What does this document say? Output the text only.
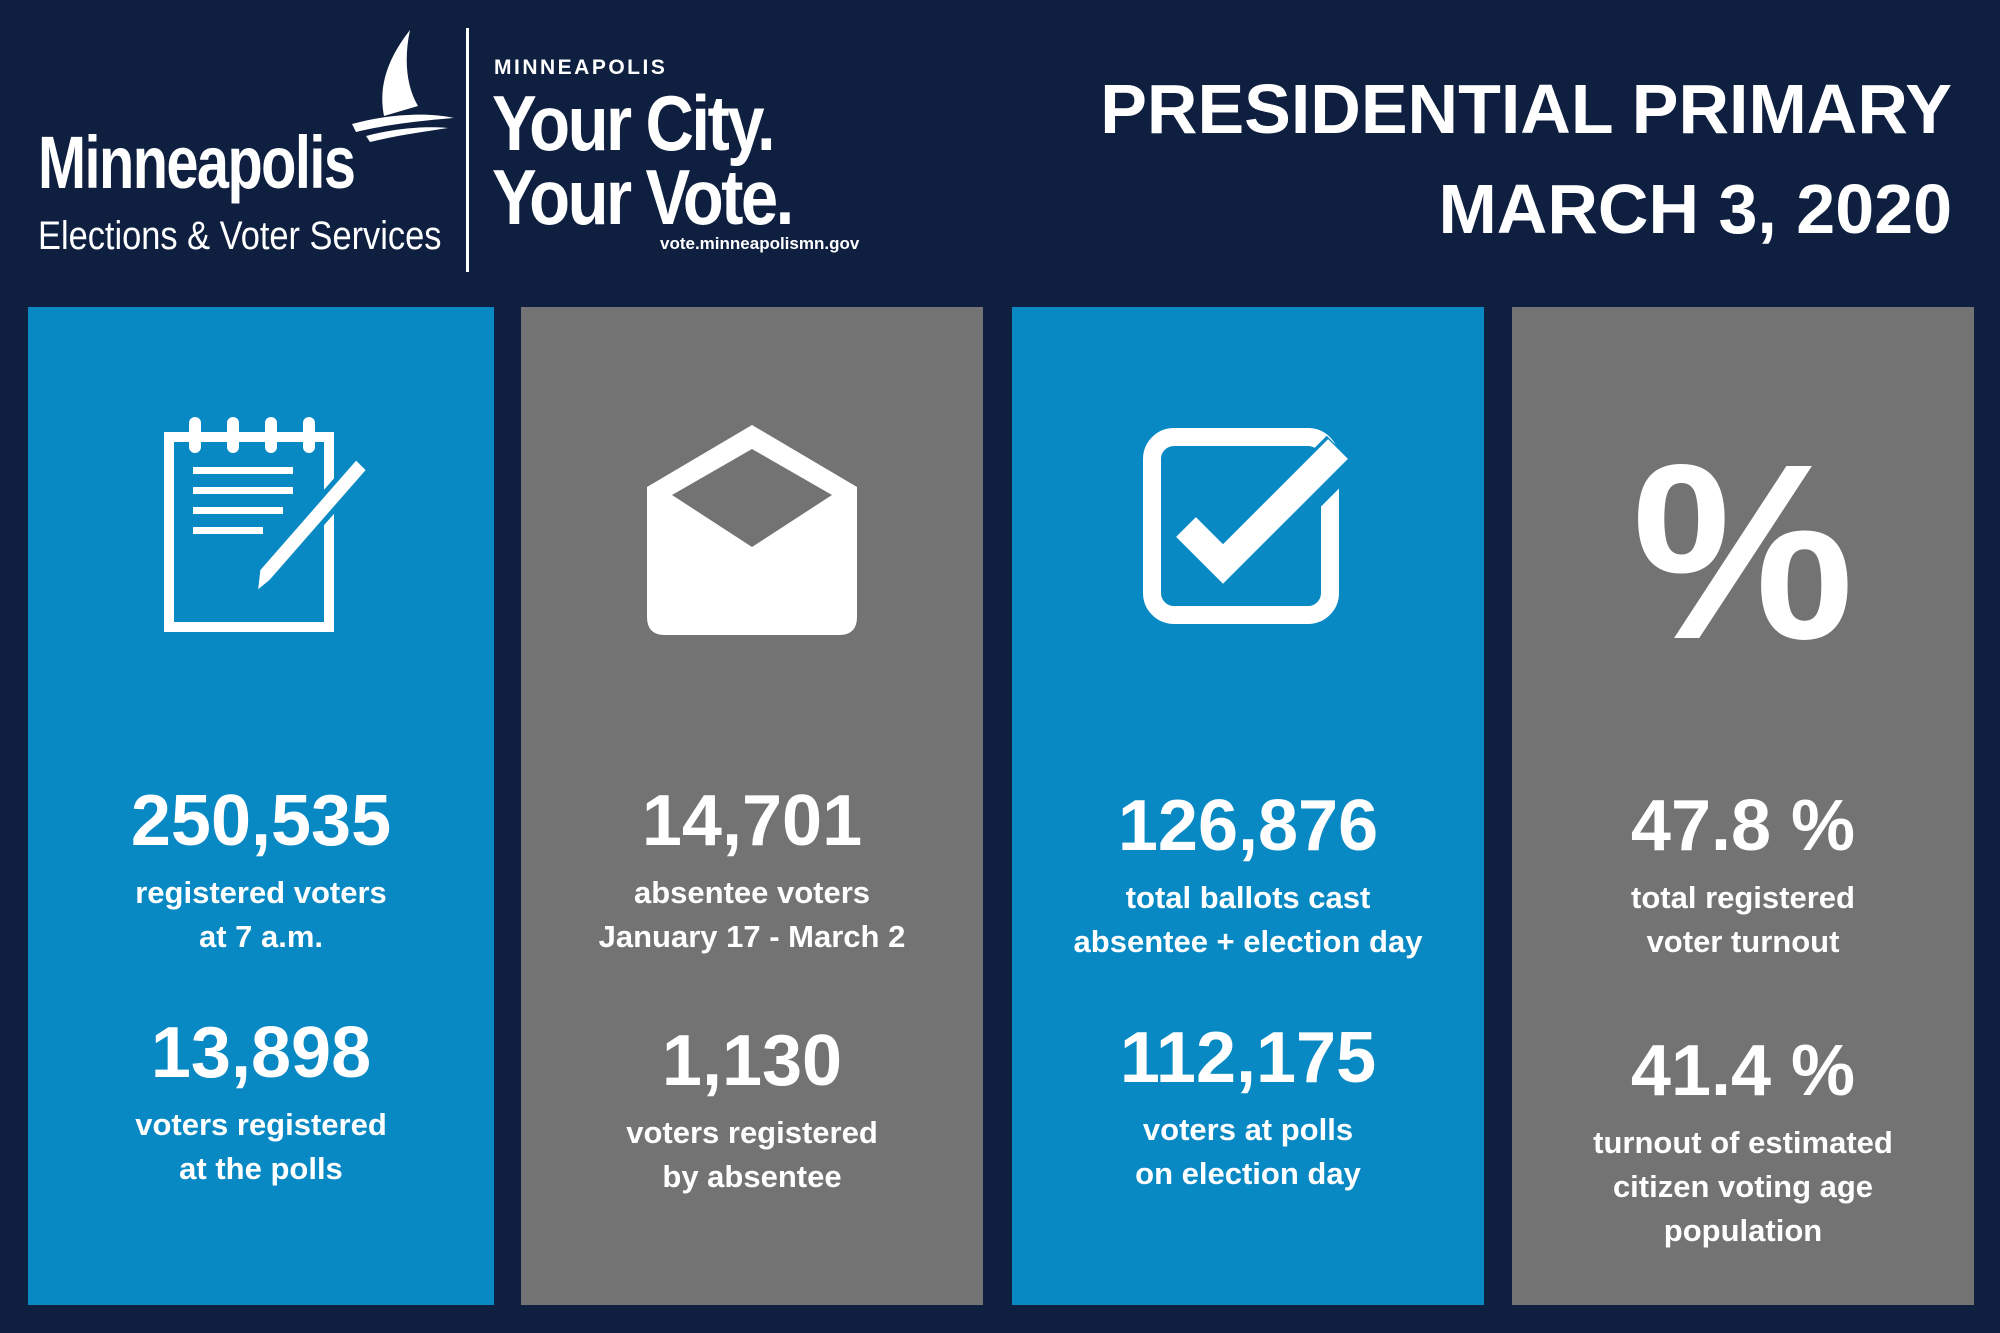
Minneapolis
Elections & Voter Services
MINNEAPOLIS
Your City.
Your Vote.
vote.minneapolismn.gov
PRESIDENTIAL PRIMARY
MARCH 3, 2020
250,535
registered voters
at 7 a.m.
13,898
voters registered
at the polls
14,701
absentee voters
January 17 - March 2
1,130
voters registered
by absentee
126,876
total ballots cast
absentee + election day
112,175
voters at polls
on election day
%
47.8 %
total registered
voter turnout
41.4 %
turnout of estimated
citizen voting age
population
